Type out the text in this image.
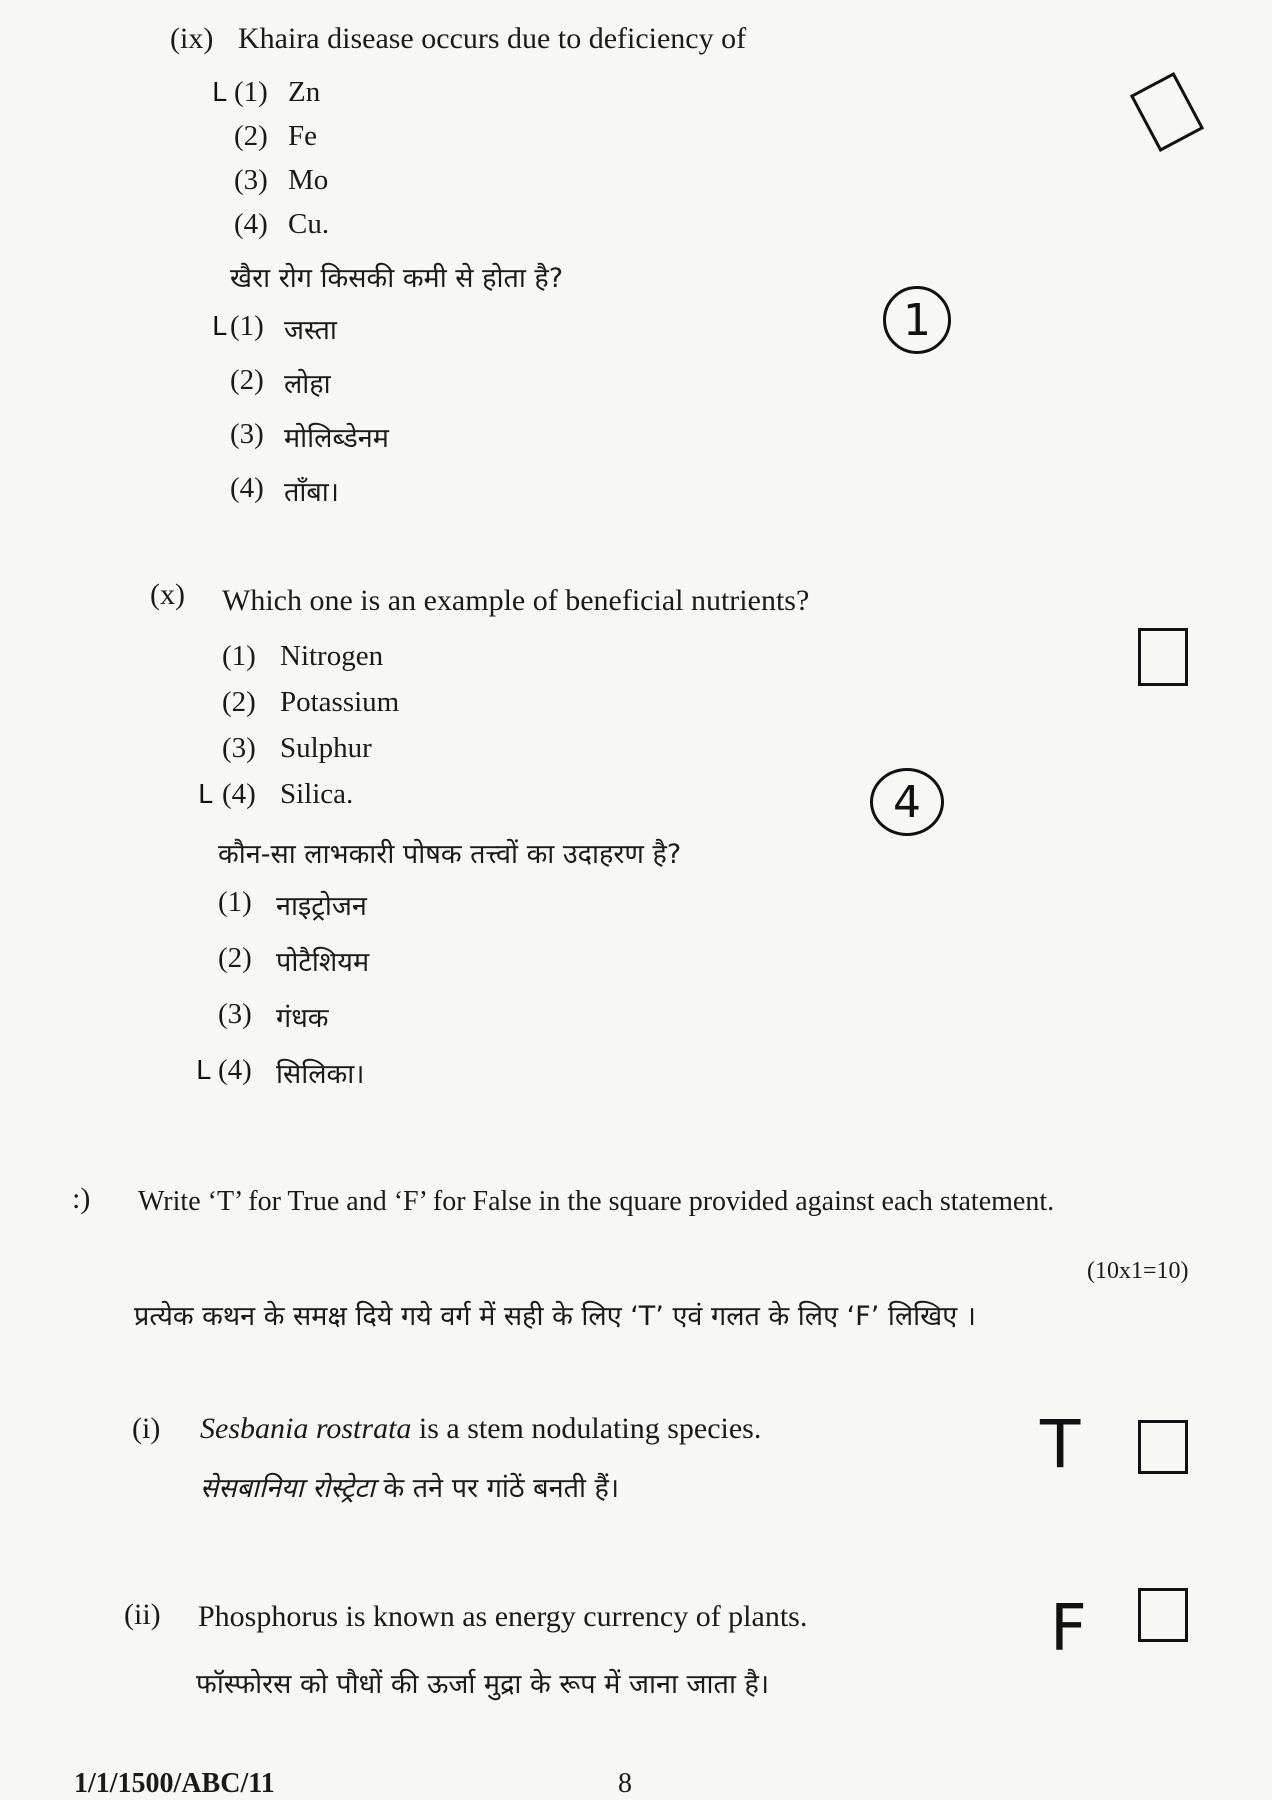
(ix) Khaira disease occurs due to deficiency of
L (1) Zn
(2) Fe
(3) Mo
(4) Cu.
खैरा रोग किसकी कमी से होता है?
L (1) जस्ता
(2) लोहा
(3) मोलिब्डेनम
(4) ताँबा।
1
(x) Which one is an example of beneficial nutrients?
(1) Nitrogen
(2) Potassium
(3) Sulphur
L (4) Silica.
कौन-सा लाभकारी पोषक तत्त्वों का उदाहरण है?
(1) नाइट्रोजन
(2) पोटैशियम
(3) गंधक
L (4) सिलिका।
4
:) Write ‘T’ for True and ‘F’ for False in the square provided against each statement.
(10x1=10)
प्रत्येक कथन के समक्ष दिये गये वर्ग में सही के लिए ‘T’ एवं गलत के लिए ‘F’ लिखिए ।
(i) Sesbania rostrata is a stem nodulating species.
सेसबानिया रोस्ट्रेटा के तने पर गांठें बनती हैं।
T
(ii) Phosphorus is known as energy currency of plants.
फॉस्फोरस को पौधों की ऊर्जा मुद्रा के रूप में जाना जाता है।
F
1/1/1500/ABC/11	8
